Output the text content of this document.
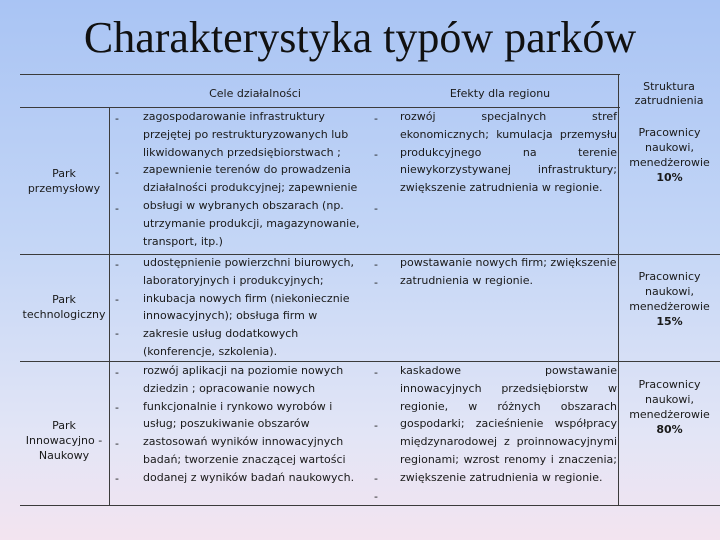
Charakterystyka typów parków
Cele działalności	Efekty dla regionu
Struktura zatrudnienia
Park przemysłowy
-
-
-
zagospodarowanie infrastruktury przejętej po restrukturyzowanych lub likwidowanych przedsiębiorstwach ; zapewnienie terenów do prowadzenia działalności produkcyjnej; zapewnienie obsługi w wybranych obszarach (np. utrzymanie produkcji, magazynowanie, transport, itp.)
-
-
-
rozwój specjalnych stref ekonomicznych; kumulacja przemysłu produkcyjnego na terenie niewykorzystywanej infrastruktury; zwiększenie zatrudnienia w regionie.
Pracownicy naukowi, menedżerowie
10%
Park technologiczny
-
-
-
udostępnienie powierzchni biurowych, laboratoryjnych i produkcyjnych; inkubacja nowych firm (niekoniecznie innowacyjnych); obsługa firm w zakresie usług dodatkowych (konferencje, szkolenia).
-
-
powstawanie nowych firm; zwiększenie zatrudnienia w regionie.	Pracownicy naukowi, menedżerowie
15%
Park Innowacyjno - Naukowy
-
-
-
-
rozwój aplikacji na poziomie nowych dziedzin ; opracowanie nowych funkcjonalnie i rynkowo wyrobów i usług; poszukiwanie obszarów zastosowań wyników innowacyjnych badań; tworzenie znaczącej wartości dodanej z wyników badań naukowych.
-
-
-
-
kaskadowe powstawanie innowacyjnych przedsiębiorstw w regionie, w różnych obszarach gospodarki; zacieśnienie współpracy międzynarodowej z proinnowacyjnymi regionami; wzrost renomy i znaczenia; zwiększenie zatrudnienia w regionie.
Pracownicy naukowi, menedżerowie
80%
